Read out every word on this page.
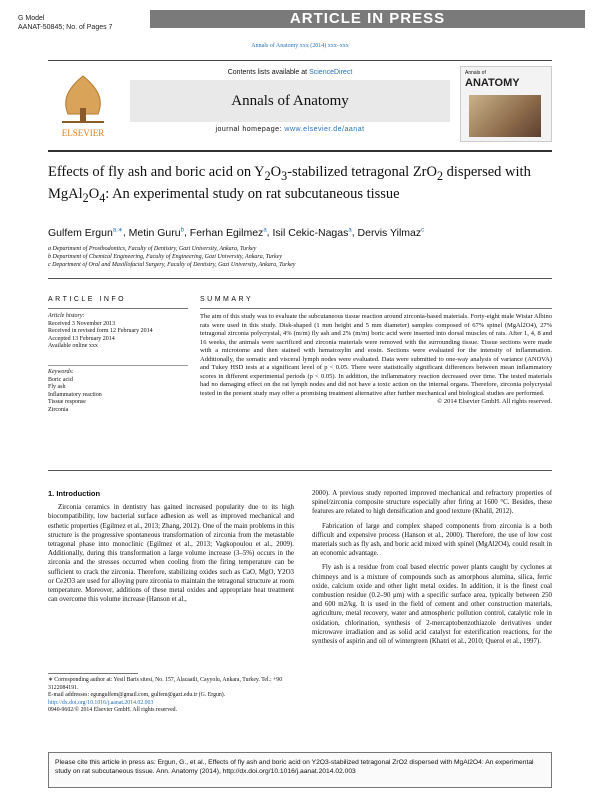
G Model
AANAT-50845; No. of Pages 7
ARTICLE IN PRESS
Annals of Anatomy xxx (2014) xxx–xxx
ELSEVIER
Contents lists available at ScienceDirect
Annals of Anatomy
journal homepage: www.elsevier.de/aanat
Annals of
ANATOMY
Effects of fly ash and boric acid on $Y_2O_3$-stabilized tetragonal ZrO$_2$ dispersed with $MgAl_2O_4$: An experimental study on rat subcutaneous tissue
Gulfem Ergun$^{a,∗}$, Metin Guru$^b$, Ferhan Egilmez$^a$, Isil Cekic-Nagas$^a$, Dervis Yilmaz$^c$
a Department of Prosthodontics, Faculty of Dentistry, Gazi University, Ankara, Turkey
b Department of Chemical Engineering, Faculty of Engineering, Gazi University, Ankara, Turkey
c Department of Oral and Maxillofacial Surgery, Faculty of Dentistry, Gazi University, Ankara, Turkey
ARTICLE INFO	SUMMARY
Article history:
Received 3 November 2013
Received in revised form 12 February 2014
Accepted 13 February 2014
Available online xxx
Keywords:
Boric acid
Fly ash
Inflammatory reaction
Tissue response
Zirconia
The aim of this study was to evaluate the subcutaneous tissue reaction around zirconia-based materials. Forty-eight male Wistar Albino rats were used in this study. Disk-shaped (1 mm height and 5 mm diameter) samples composed of 67% spinel (MgAl2O4), 27% tetragonal zirconia polycrystal, 4% (m/m) fly ash and 2% (m/m) boric acid were inserted into dorsal muscles of rats. After 1, 4, 8 and 16 weeks, the animals were sacrificed and zirconia materials were removed with the surrounding tissue. Tissue sections were made with a microtome and then stained with hematoxylin and eosin. Sections were evaluated for the intensity of inflammation. Additionally, the somatic and visceral lymph nodes were evaluated. Data were submitted to one-way analysis of variance (ANOVA) and Tukey HSD tests at a significant level of p < 0.05. There were statistically significant differences between mean inflammatory scores in different experimental periods (p < 0.05). In addition, the inflammatory reaction decreased over time. The tested materials had no damaging effect on the rat lymph nodes and did not have a toxic action on the internal organs. Therefore, zirconia polycrystal tested in the present study may offer a promising treatment alternative after further mechanical and biological studies are performed.
© 2014 Elsevier GmbH. All rights reserved.

1. Introduction

Zirconia ceramics in dentistry has gained increased popularity due to its high biocompatibility, low bacterial surface adhesion as well as improved mechanical and esthetic properties (Egilmez et al., 2013; Zhang, 2012). One of the main problems in this structure is the progressive spontaneous transformation of zirconia from the metastable tetragonal phase into monoclinic (Egilmez et al., 2013; Vagkopoulou et al., 2009). Additionally, during this transformation a large volume increase (3–5%) occurs in the zirconia and the stresses occurred when cooling from the firing temperature can be sufficient to crack the zirconia. Therefore, stabilizing oxides such as CaO, MgO, Y2O3 or Ce2O3 are used for alloying pure zirconia to maintain the tetragonal structure at room temperature. Moreover, additions of these metal oxides and appropriate heat treatment can overcome this volume increase (Hanson et al.,

2000). A previous study reported improved mechanical and refractory properties of spinel/zirconia composite structure especially after firing at 1600 °C. Besides, these features are related to high densification and good texture (Khalil, 2012).

Fabrication of large and complex shaped components from zirconia is a both difficult and expensive process (Hanson et al., 2000). Therefore, the use of low cost materials such as fly ash, and boric acid mixed with spinel (MgAl2O4), could result in an economic advantage.

Fly ash is a residue from coal based electric power plants caught by cyclones at chimneys and is a mixture of compounds such as amorphous alumina, silica, ferric oxide, calcium oxide and other light metal oxides. In addition, it is the finest coal combustion residue (0.2–90 μm) with a specific surface area, typically between 250 and 600 m2/kg. It is used in the field of cement and other construction materials, agriculture, metal recovery, water and atmospheric pollution control, catalytic role in oxidation, chlorination, synthesis of 2-mercaptobenzothiazole derivatives under microwave irradiation and as solid acid catalyst for esterification reactions, for the synthesis of aspirin and oil of wintergreen (Khatri et al., 2010; Querol et al., 1997).

∗ Corresponding author at: Yesil Baris sitesi, No. 157, Alacaatli, Cayyolu, Ankara, Turkey. Tel.: +90 3122084191.
E-mail addresses: egungulfem@gmail.com, gulfem@gazi.edu.tr (G. Ergun).
http://dx.doi.org/10.1016/j.aanat.2014.02.003
0940-9602/© 2014 Elsevier GmbH. All rights reserved.
Please cite this article in press as: Ergun, G., et al., Effects of fly ash and boric acid on Y2O3-stabilized tetragonal ZrO2 dispersed with MgAl2O4: An experimental study on rat subcutaneous tissue. Ann. Anatomy (2014), http://dx.doi.org/10.1016/j.aanat.2014.02.003
